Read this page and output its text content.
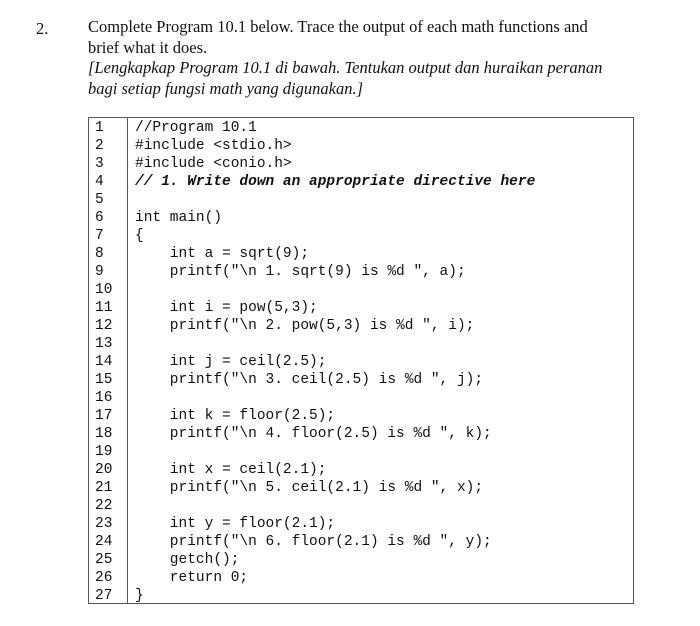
2. Complete Program 10.1 below. Trace the output of each math functions and
brief what it does.
[Lengkapkap Program 10.1 di bawah. Tentukan output dan huraikan peranan
bagi setiap fungsi math yang digunakan.]
1 //Program 10.1
2 #include <stdio.h>
3 #include <conio.h>
4 // 1. Write down an appropriate directive here
5
6 int main()
7 {
8 int a = sqrt(9);
9 printf("\n 1. sqrt(9) is %d ", a);
10
11 int i = pow(5,3);
12 printf("\n 2. pow(5,3) is %d ", i);
13
14 int j = ceil(2.5);
15 printf("\n 3. ceil(2.5) is %d ", j);
16
17 int k = floor(2.5);
18 printf("\n 4. floor(2.5) is %d ", k);
19
20 int x = ceil(2.1);
21 printf("\n 5. ceil(2.1) is %d ", x);
22
23 int y = floor(2.1);
24 printf("\n 6. floor(2.1) is %d ", y);
25 getch();
26 return 0;
27 }
